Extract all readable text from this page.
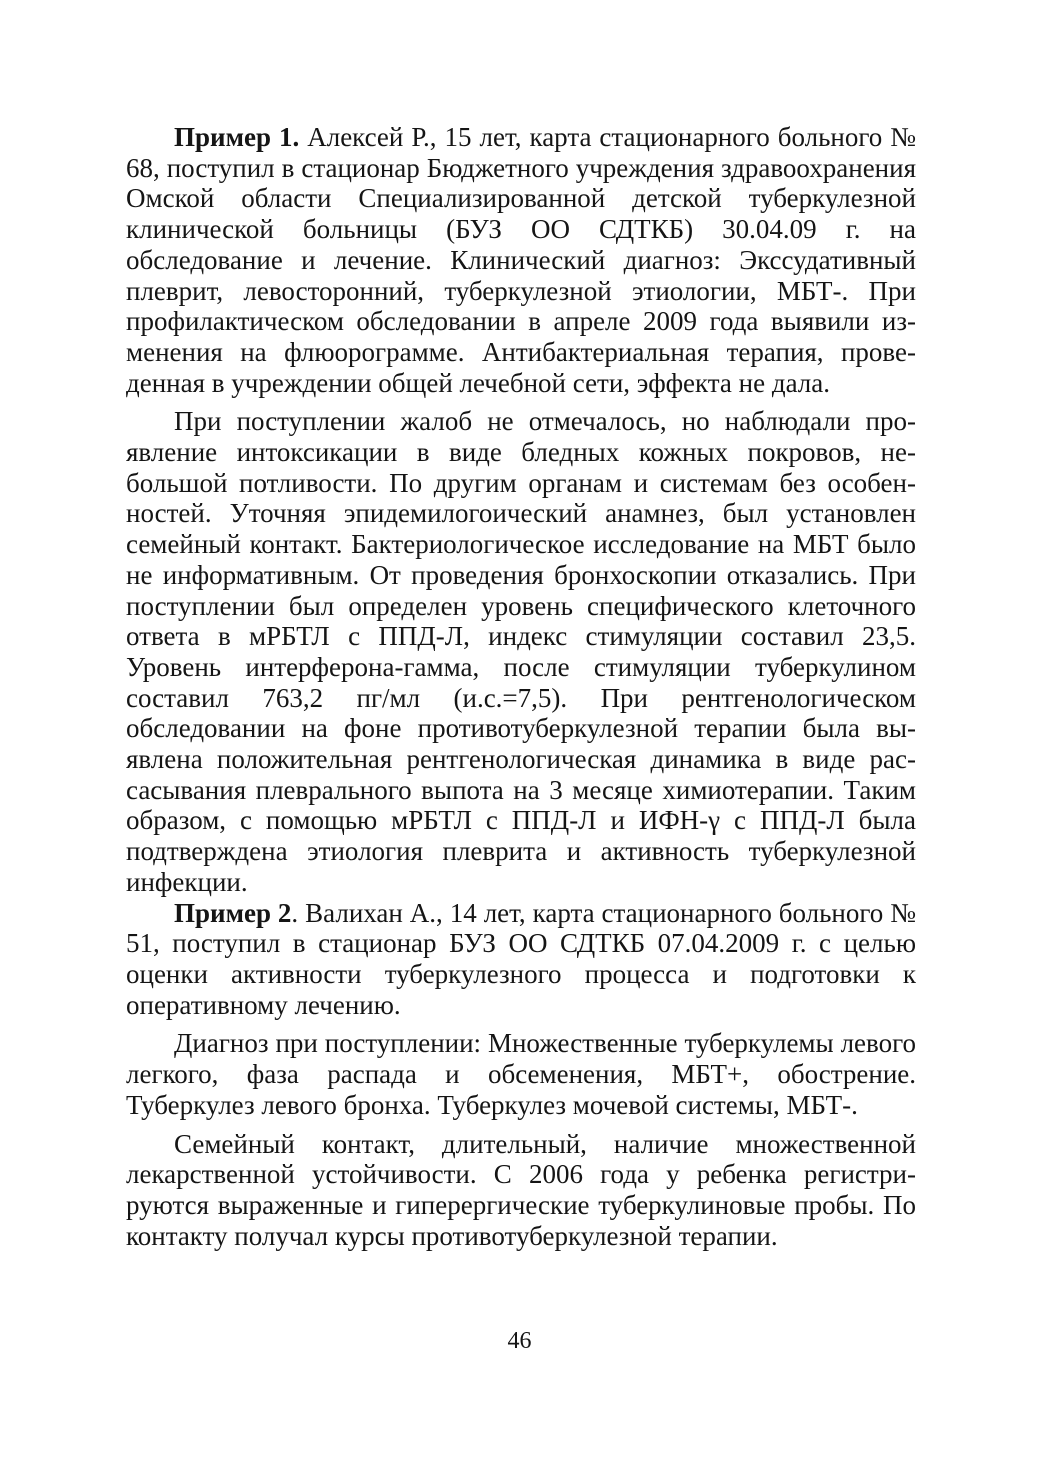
Пример 1. Алексей Р., 15 лет, карта стационарного больного № 68, поступил в стационар Бюджетного учреждения здравоохранения Омской области Специализированной детской туберкулезной клинической больницы (БУЗ ОО СДТКБ) 30.04.09 г. на обследование и лечение. Клинический диагноз: Экссудативный плеврит, левосторонний, туберкулезной этиологии, МБТ-. При профилактическом обследовании в апреле 2009 года выявили изменения на флюорограмме. Антибактериальная терапия, проведенная в учреждении общей лечебной сети, эффекта не дала.

При поступлении жалоб не отмечалось, но наблюдали проявление интоксикации в виде бледных кожных покровов, небольшой потливости. По другим органам и системам без особенностей. Уточняя эпидемилогоический анамнез, был установлен семейный контакт. Бактериологическое исследование на МБТ было не информативным. От проведения бронхоскопии отказались. При поступлении был определен уровень специфического клеточного ответа в мРБТЛ с ППД-Л, индекс стимуляции составил 23,5. Уровень интерферона-гамма, после стимуляции туберкулином составил 763,2 пг/мл (и.с.=7,5). При рентгенологическом обследовании на фоне противотуберкулезной терапии была выявлена положительная рентгенологическая динамика в виде рассасывания плеврального выпота на 3 месяце химиотерапии. Таким образом, с помощью мРБТЛ с ППД-Л и ИФН-γ с ППД-Л была подтверждена этиология плеврита и активность туберкулезной инфекции.

Пример 2. Валихан А., 14 лет, карта стационарного больного № 51, поступил в стационар БУЗ ОО СДТКБ 07.04.2009 г. с целью оценки активности туберкулезного процесса и подготовки к оперативному лечению.

Диагноз при поступлении: Множественные туберкулемы левого легкого, фаза распада и обсеменения, МБТ+, обострение. Туберкулез левого бронха. Туберкулез мочевой системы, МБТ-.

Семейный контакт, длительный, наличие множественной лекарственной устойчивости. С 2006 года у ребенка регистрируются выраженные и гиперергические туберкулиновые пробы. По контакту получал курсы противотуберкулезной терапии.

46
